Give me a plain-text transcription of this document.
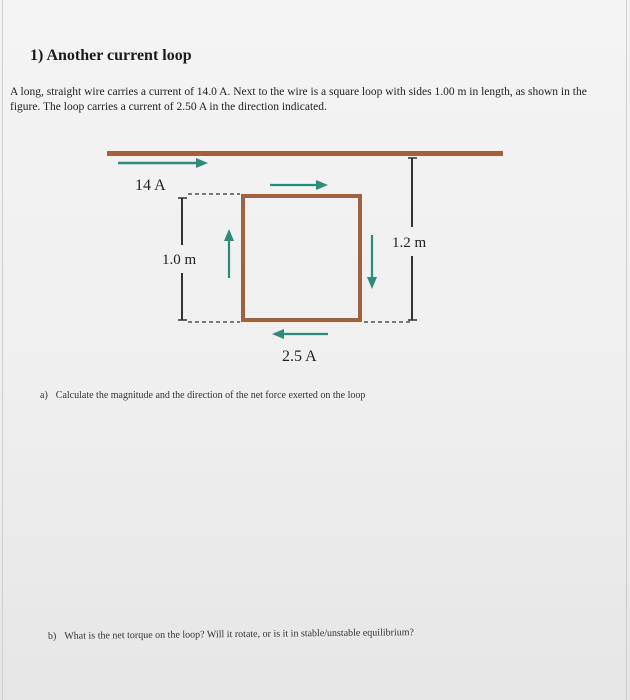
1) Another current loop

A long, straight wire carries a current of 14.0 A. Next to the wire is a square loop with sides 1.00 m in length, as shown in the figure. The loop carries a current of 2.50 A in the direction indicated.

14 A
1.0 m
2.5 A
1.2 m

a) Calculate the magnitude and the direction of the net force exerted on the loop

b) What is the net torque on the loop? Will it rotate, or is it in stable/unstable equilibrium?
